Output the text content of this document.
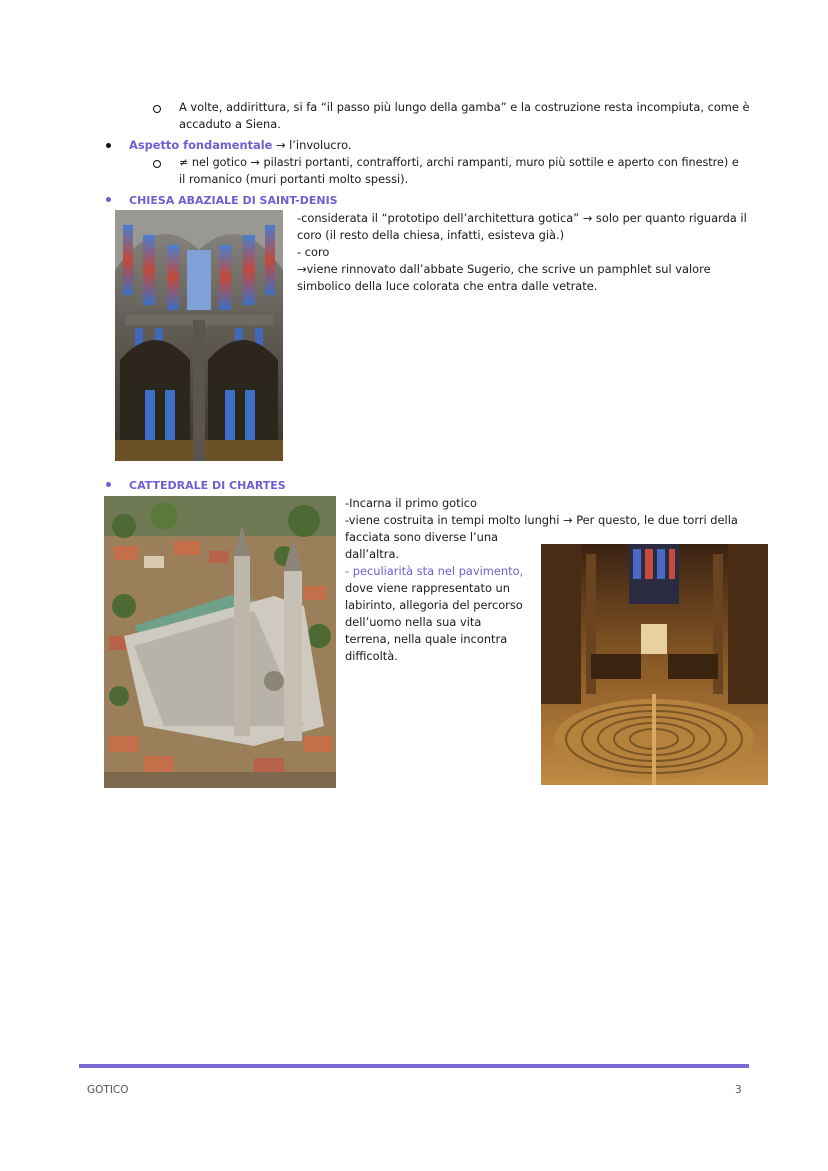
A volte, addirittura, si fa “il passo più lungo della gamba” e la costruzione resta incompiuta, come è
accaduto a Siena.
Aspetto fondamentale → l’involucro.
≠ nel gotico → pilastri portanti, contrafforti, archi rampanti, muro più sottile e aperto con finestre) e
il romanico (muri portanti molto spessi).
CHIESA ABAZIALE DI SAINT-DENIS
-considerata il “prototipo dell’architettura gotica” → solo per quanto riguarda il
coro (il resto della chiesa, infatti, esisteva già.)
- coro
→viene rinnovato dall’abbate Sugerio, che scrive un pamphlet sul valore
simbolico della luce colorata che entra dalle vetrate.
CATTEDRALE DI CHARTES
-Incarna il primo gotico
-viene costruita in tempi molto lunghi → Per questo, le due torri della
facciata sono diverse l’una
dall’altra.
- peculiarità sta nel pavimento,
dove viene rappresentato un
labirinto, allegoria del percorso
dell’uomo nella sua vita
terrena, nella quale incontra
difficoltà.
GOTICO	3
